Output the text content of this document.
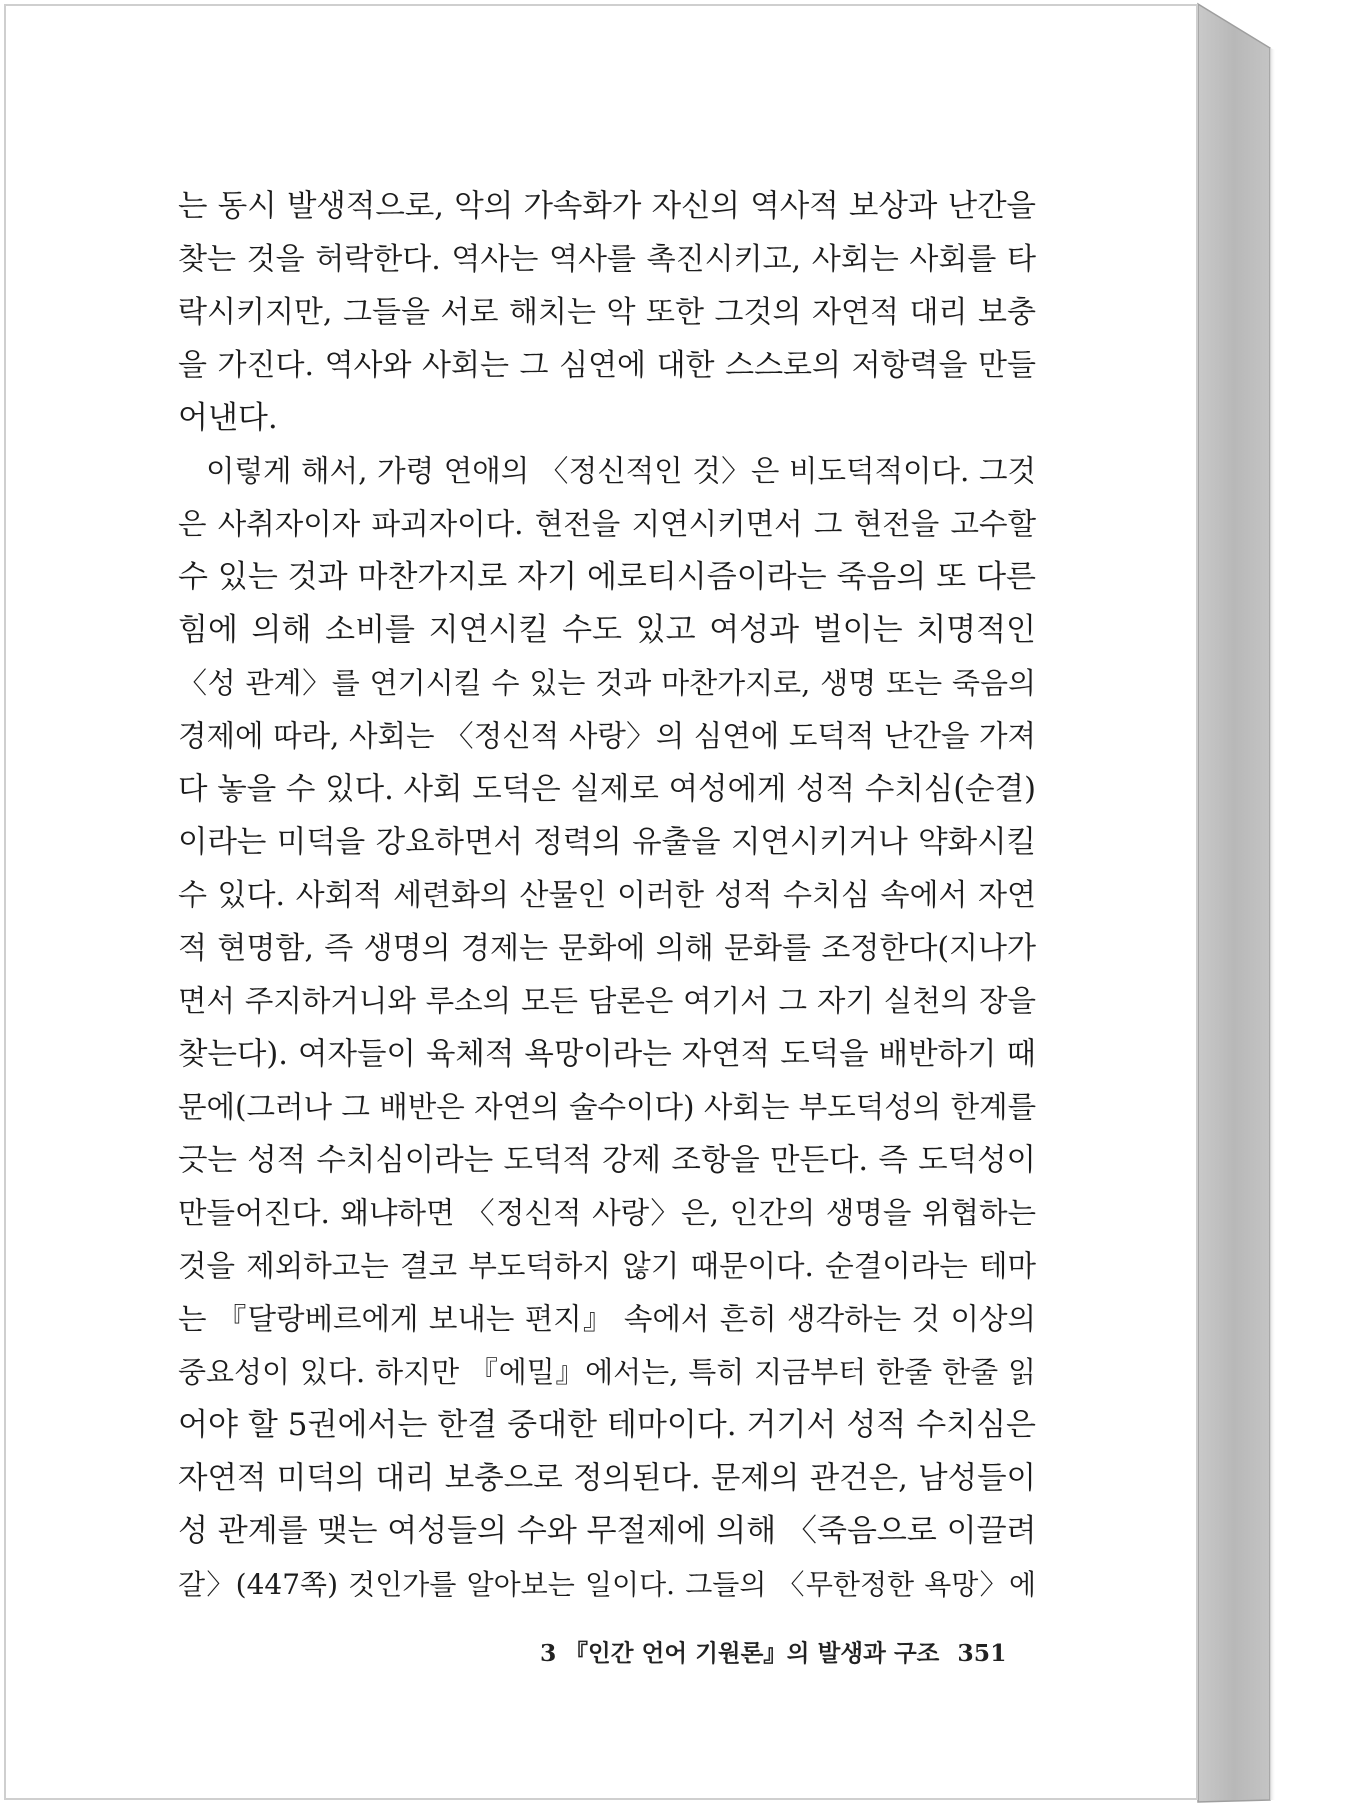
는 동시 발생적으로, 악의 가속화가 자신의 역사적 보상과 난간을
찾는 것을 허락한다. 역사는 역사를 촉진시키고, 사회는 사회를 타
락시키지만, 그들을 서로 해치는 악 또한 그것의 자연적 대리 보충
을 가진다. 역사와 사회는 그 심연에 대한 스스로의 저항력을 만들
어낸다.
이렇게 해서, 가령 연애의 〈정신적인 것〉은 비도덕적이다. 그것
은 사취자이자 파괴자이다. 현전을 지연시키면서 그 현전을 고수할
수 있는 것과 마찬가지로 자기 에로티시즘이라는 죽음의 또 다른
힘에 의해 소비를 지연시킬 수도 있고 여성과 벌이는 치명적인
〈성 관계〉를 연기시킬 수 있는 것과 마찬가지로, 생명 또는 죽음의
경제에 따라, 사회는 〈정신적 사랑〉의 심연에 도덕적 난간을 가져
다 놓을 수 있다. 사회 도덕은 실제로 여성에게 성적 수치심(순결)
이라는 미덕을 강요하면서 정력의 유출을 지연시키거나 약화시킬
수 있다. 사회적 세련화의 산물인 이러한 성적 수치심 속에서 자연
적 현명함, 즉 생명의 경제는 문화에 의해 문화를 조정한다(지나가
면서 주지하거니와 루소의 모든 담론은 여기서 그 자기 실천의 장을
찾는다). 여자들이 육체적 욕망이라는 자연적 도덕을 배반하기 때
문에(그러나 그 배반은 자연의 술수이다) 사회는 부도덕성의 한계를
긋는 성적 수치심이라는 도덕적 강제 조항을 만든다. 즉 도덕성이
만들어진다. 왜냐하면 〈정신적 사랑〉은, 인간의 생명을 위협하는
것을 제외하고는 결코 부도덕하지 않기 때문이다. 순결이라는 테마
는 『달랑베르에게 보내는 편지』 속에서 흔히 생각하는 것 이상의
중요성이 있다. 하지만 『에밀』에서는, 특히 지금부터 한줄 한줄 읽
어야 할 5권에서는 한결 중대한 테마이다. 거기서 성적 수치심은
자연적 미덕의 대리 보충으로 정의된다. 문제의 관건은, 남성들이
성 관계를 맺는 여성들의 수와 무절제에 의해 〈죽음으로 이끌려
갈〉(447쪽) 것인가를 알아보는 일이다. 그들의 〈무한정한 욕망〉에
3 『인간 언어 기원론』의 발생과 구조 351
